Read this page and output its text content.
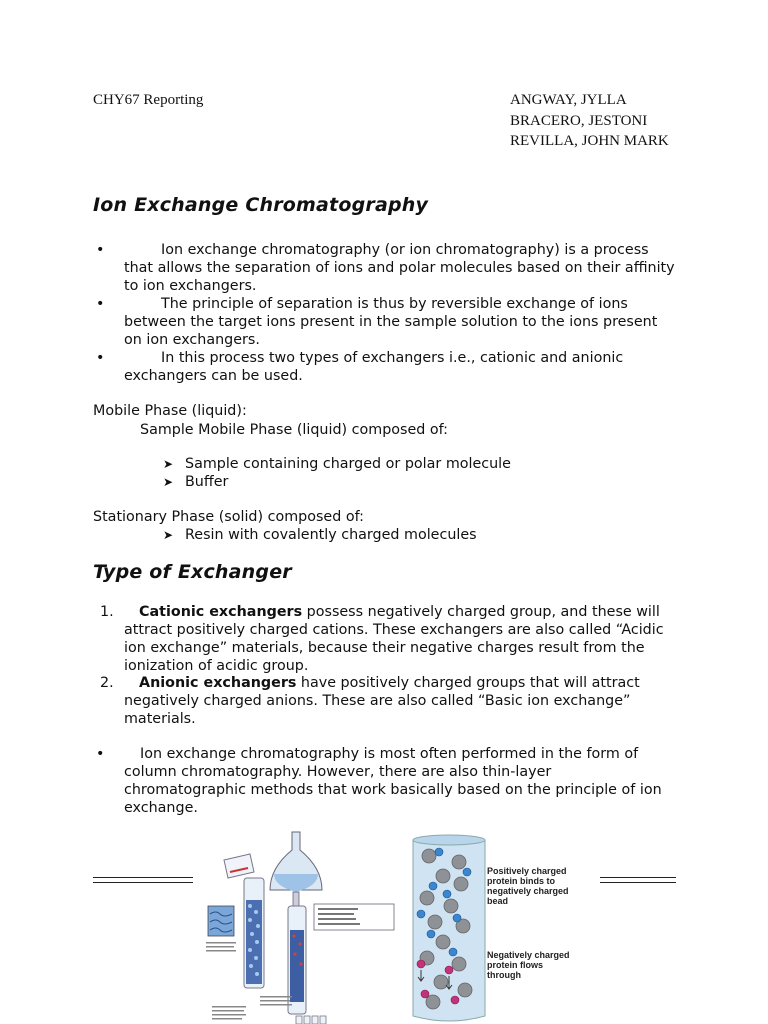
CHY67 Reporting	ANGWAY, JYLLA
BRACERO, JESTONI
REVILLA, JOHN MARK
Ion Exchange Chromatography
•	Ion exchange chromatography (or ion chromatography) is a process that allows the separation of ions and polar molecules based on their affinity to ion exchangers.
•	The principle of separation is thus by reversible exchange of ions between the target ions present in the sample solution to the ions present on ion exchangers.
•	In this process two types of exchangers i.e., cationic and anionic exchangers can be used.
Mobile Phase (liquid):
Sample Mobile Phase (liquid) composed of:
➤ Sample containing charged or polar molecule
➤ Buffer
Stationary Phase (solid) composed of:
➤ Resin with covalently charged molecules
Type of Exchanger
1.	Cationic exchangers possess negatively charged group, and these will attract positively charged cations. These exchangers are also called “Acidic ion exchange” materials, because their negative charges result from the ionization of acidic group.
2.	Anionic exchangers have positively charged groups that will attract negatively charged anions. These are also called “Basic ion exchange” materials.
•	Ion exchange chromatography is most often performed in the form of column chromatography. However, there are also thin-layer chromatographic methods that work basically based on the principle of ion exchange.
Positively charged protein binds to negatively charged bead
Negatively charged protein flows through
